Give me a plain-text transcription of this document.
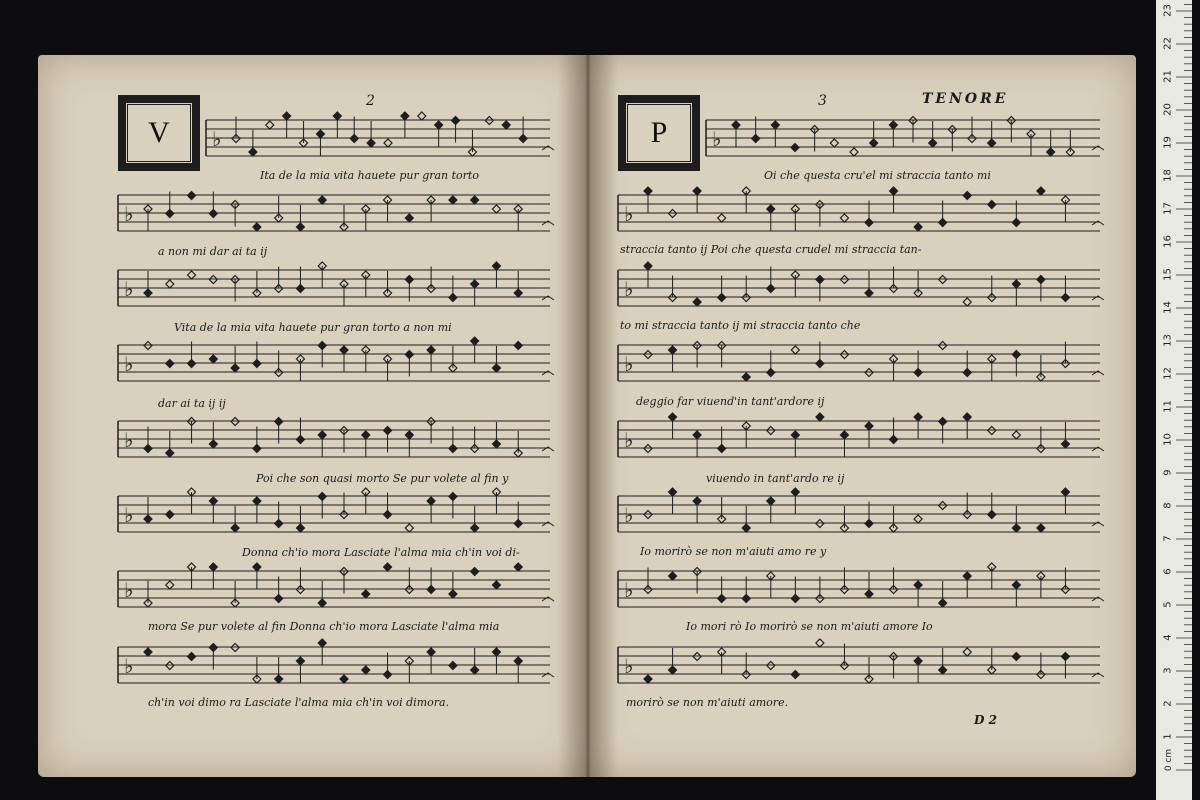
V
2
♭
♭
♭
♭
♭
♭
♭
♭
Ita de la mia vita hauete pur gran torto
a non mi dar ai ta ij
Vita de la mia vita hauete pur gran torto a non mi
dar ai ta ij ij
Poi che son quasi morto Se pur volete al fin y
Donna ch'io mora Lasciate l'alma mia ch'in voi di-
mora Se pur volete al fin Donna ch'io mora Lasciate l'alma mia
ch'in voi dimo ra Lasciate l'alma mia ch'in voi dimora.
P
3	TENORE
♭
♭
♭
♭
♭
♭
♭
♭
Oi che questa cru'el mi straccia tanto mi
straccia tanto ij Poi che questa crudel mi straccia tan-
to mi straccia tanto ij mi straccia tanto che
deggio far viuend'in tant'ardore ij
viuendo in tant'ardo re ij
Io morirò se non m'aiuti amo re y
Io mori rò Io morirò se non m'aiuti amore Io
morirò se non m'aiuti amore.
D 2
0 cm
1
2
3
4
5
6
7
8
9
10
11
12
13
14
15
16
17
18
19
20
21
22
23
